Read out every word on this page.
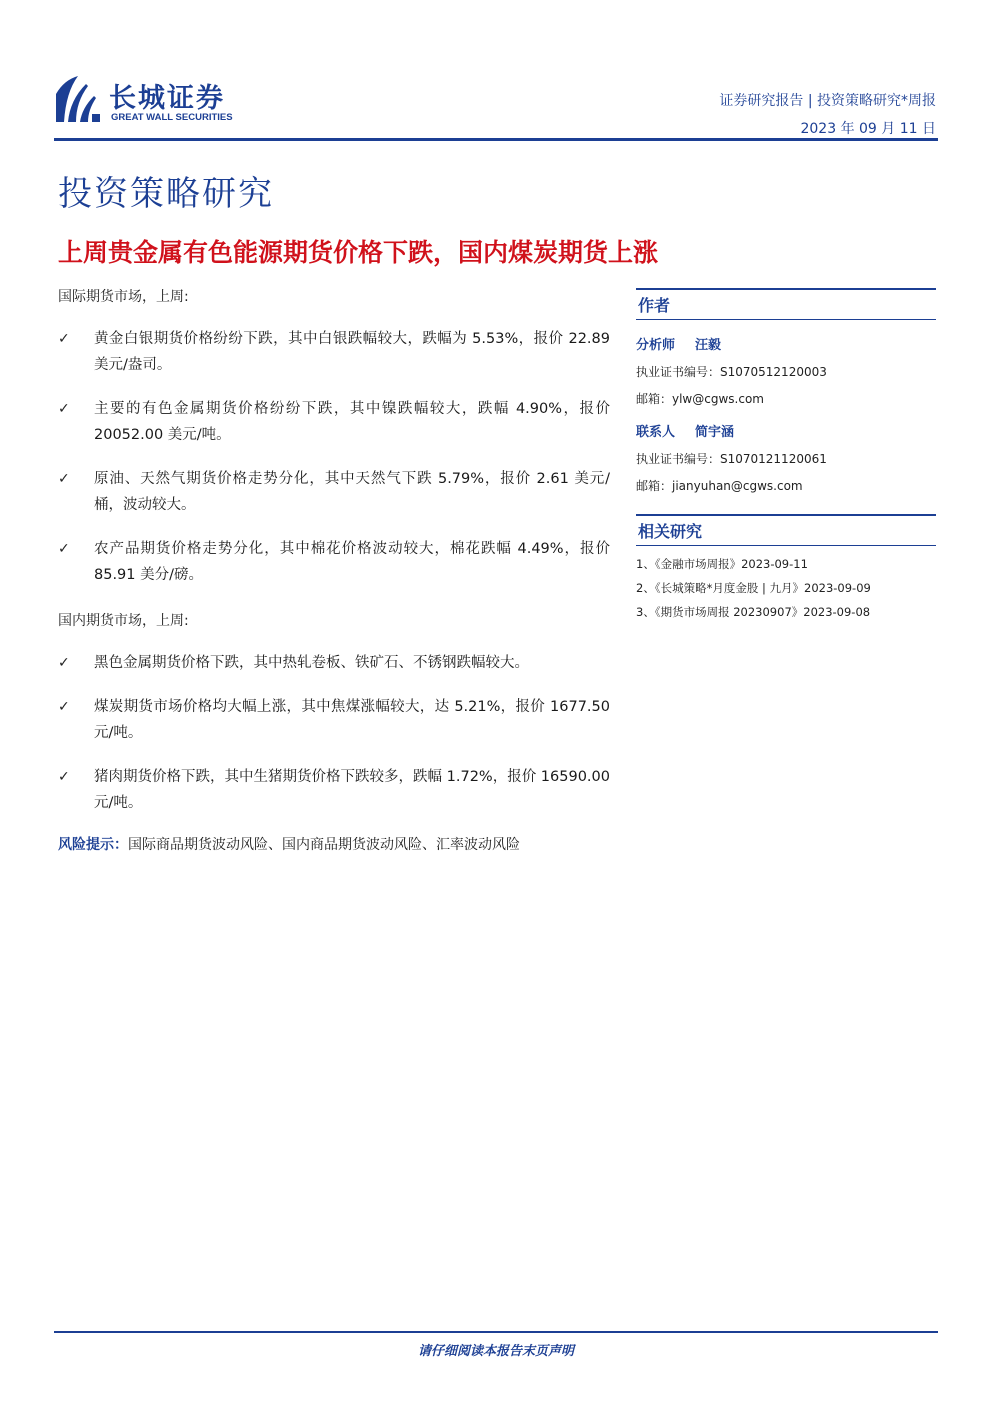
长城证券
GREAT WALL SECURITIES
证券研究报告 | 投资策略研究*周报
2023 年 09 月 11 日
投资策略研究
上周贵金属有色能源期货价格下跌，国内煤炭期货上涨

国际期货市场，上周:

✓ 黄金白银期货价格纷纷下跌，其中白银跌幅较大，跌幅为 5.53%，报价 22.89 美元/盎司。
✓ 主要的有色金属期货价格纷纷下跌，其中镍跌幅较大，跌幅 4.90%，报价 20052.00 美元/吨。
✓ 原油、天然气期货价格走势分化，其中天然气下跌 5.79%，报价 2.61 美元/桶，波动较大。
✓ 农产品期货价格走势分化，其中棉花价格波动较大，棉花跌幅 4.49%，报价 85.91 美分/磅。

国内期货市场，上周:

✓ 黑色金属期货价格下跌，其中热轧卷板、铁矿石、不锈钢跌幅较大。
✓ 煤炭期货市场价格均大幅上涨，其中焦煤涨幅较大，达 5.21%，报价 1677.50 元/吨。
✓ 猪肉期货价格下跌，其中生猪期货价格下跌较多，跌幅 1.72%，报价 16590.00 元/吨。
风险提示：国际商品期货波动风险、国内商品期货波动风险、汇率波动风险
作者
分析师 汪毅
执业证书编号：S1070512120003
邮箱：ylw@cgws.com
联系人 简宇涵
执业证书编号：S1070121120061
邮箱：jianyuhan@cgws.com
相关研究
1、《金融市场周报》2023-09-11
2、《长城策略*月度金股 | 九月》2023-09-09
3、《期货市场周报 20230907》2023-09-08
请仔细阅读本报告末页声明
